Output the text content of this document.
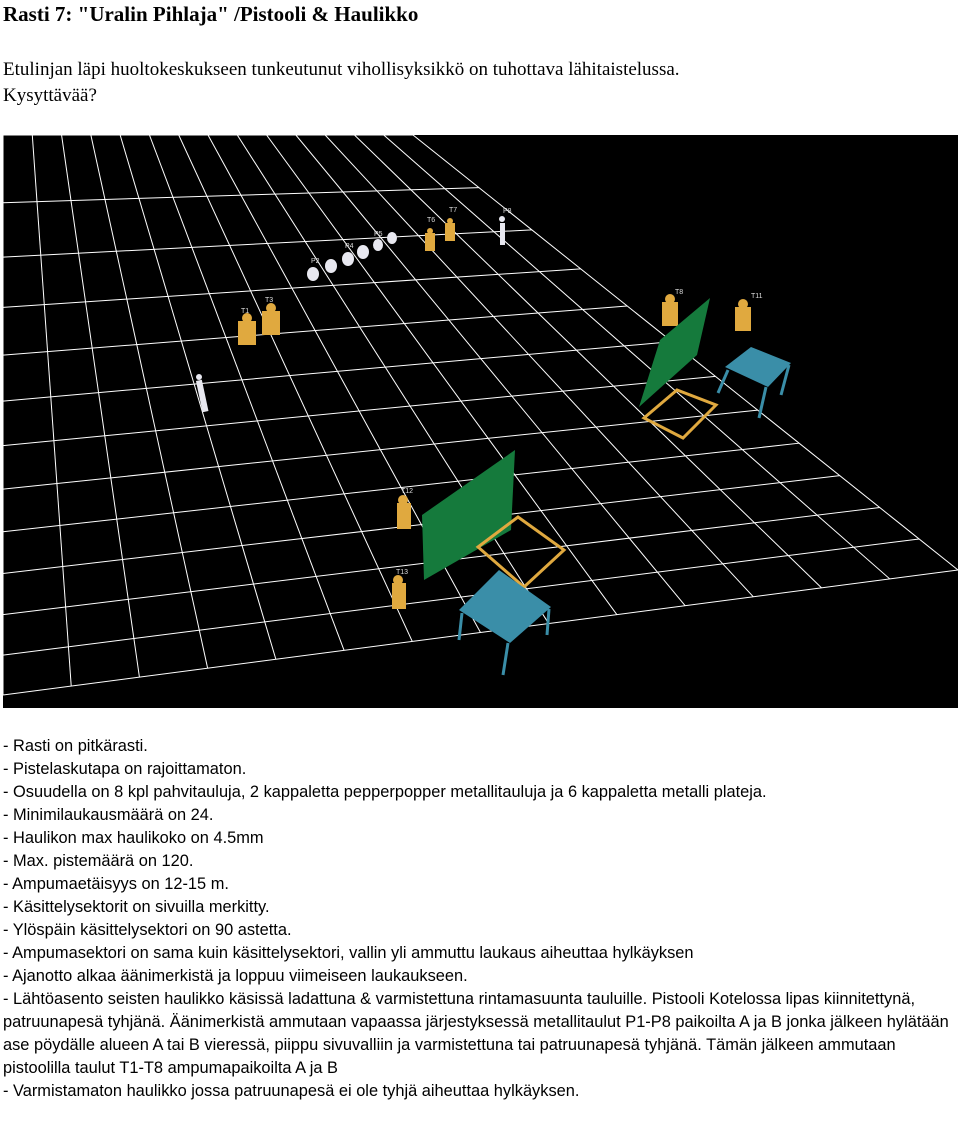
Rasti 7: "Uralin Pihlaja" /Pistooli & Haulikko
Etulinjan läpi huoltokeskukseen tunkeutunut vihollisyksikkö on tuhottava lähitaistelussa.
Kysyttävää?
T6
T7	P8
P2
P4
P5
T1
T3
T8
T11
T12
T13

- Rasti on pitkärasti.

- Pistelaskutapa on rajoittamaton.

- Osuudella on 8 kpl pahvitauluja, 2 kappaletta pepperpopper metallitauluja ja 6 kappaletta metalli plateja.

- Minimilaukausmäärä on 24.

- Haulikon max haulikoko on 4.5mm

- Max. pistemäärä on 120.

- Ampumaetäisyys on 12-15 m.

- Käsittelysektorit on sivuilla merkitty.

- Ylöspäin käsittelysektori on 90 astetta.

- Ampumasektori on sama kuin käsittelysektori, vallin yli ammuttu laukaus aiheuttaa hylkäyksen

- Ajanotto alkaa äänimerkistä ja loppuu viimeiseen laukaukseen.

- Lähtöasento seisten haulikko käsissä ladattuna & varmistettuna rintamasuunta tauluille. Pistooli Kotelossa lipas kiinnitettynä, patruunapesä tyhjänä. Äänimerkistä ammutaan vapaassa järjestyksessä metallitaulut P1-P8 paikoilta A ja B jonka jälkeen hylätään ase pöydälle alueen A tai B vieressä, piippu sivuvalliin ja varmistettuna tai patruunapesä tyhjänä. Tämän jälkeen ammutaan pistoolilla taulut T1-T8 ampumapaikoilta A ja B

- Varmistamaton haulikko jossa patruunapesä ei ole tyhjä aiheuttaa hylkäyksen.
